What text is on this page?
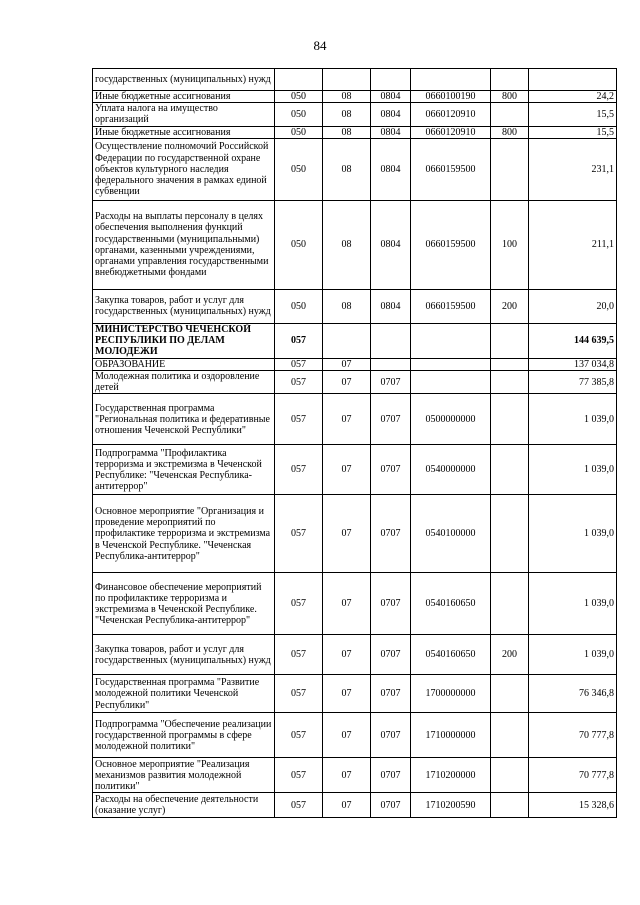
84
государственных (муниципальных) нужд						
Иные бюджетные ассигнования	050	08	0804	0660100190	800	24,2
Уплата налога на имущество организаций	050	08	0804	0660120910		15,5
Иные бюджетные ассигнования	050	08	0804	0660120910	800	15,5
Осуществление полномочий Российской Федерации по государственной охране объектов культурного наследия федерального значения в рамках единой субвенции	050	08	0804	0660159500		231,1
Расходы на выплаты персоналу в целях обеспечения выполнения функций государственными (муниципальными) органами, казенными учреждениями, органами управления государственными внебюджетными фондами	050	08	0804	0660159500	100	211,1
Закупка товаров, работ и услуг для государственных (муниципальных) нужд	050	08	0804	0660159500	200	20,0
МИНИСТЕРСТВО ЧЕЧЕНСКОЙ РЕСПУБЛИКИ ПО ДЕЛАМ МОЛОДЕЖИ	057					144 639,5
ОБРАЗОВАНИЕ	057	07				137 034,8
Молодежная политика и оздоровление детей	057	07	0707			77 385,8
Государственная программа "Региональная политика и федеративные отношения Чеченской Республики"	057	07	0707	0500000000		1 039,0
Подпрограмма "Профилактика терроризма и экстремизма в Чеченской Республике: "Чеченская Республика-антитеррор"	057	07	0707	0540000000		1 039,0
Основное мероприятие "Организация и проведение мероприятий по профилактике терроризма и экстремизма в Чеченской Республике. "Чеченская Республика-антитеррор"	057	07	0707	0540100000		1 039,0
Финансовое обеспечение мероприятий по профилактике терроризма и экстремизма в Чеченской Республике. "Чеченская Республика-антитеррор"	057	07	0707	0540160650		1 039,0
Закупка товаров, работ и услуг для государственных (муниципальных) нужд	057	07	0707	0540160650	200	1 039,0
Государственная программа "Развитие молодежной политики Чеченской Республики"	057	07	0707	1700000000		76 346,8
Подпрограмма "Обеспечение реализации государственной программы в сфере молодежной политики"	057	07	0707	1710000000		70 777,8
Основное мероприятие "Реализация механизмов развития молодежной политики"	057	07	0707	1710200000		70 777,8
Расходы на обеспечение деятельности (оказание услуг)	057	07	0707	1710200590		15 328,6
